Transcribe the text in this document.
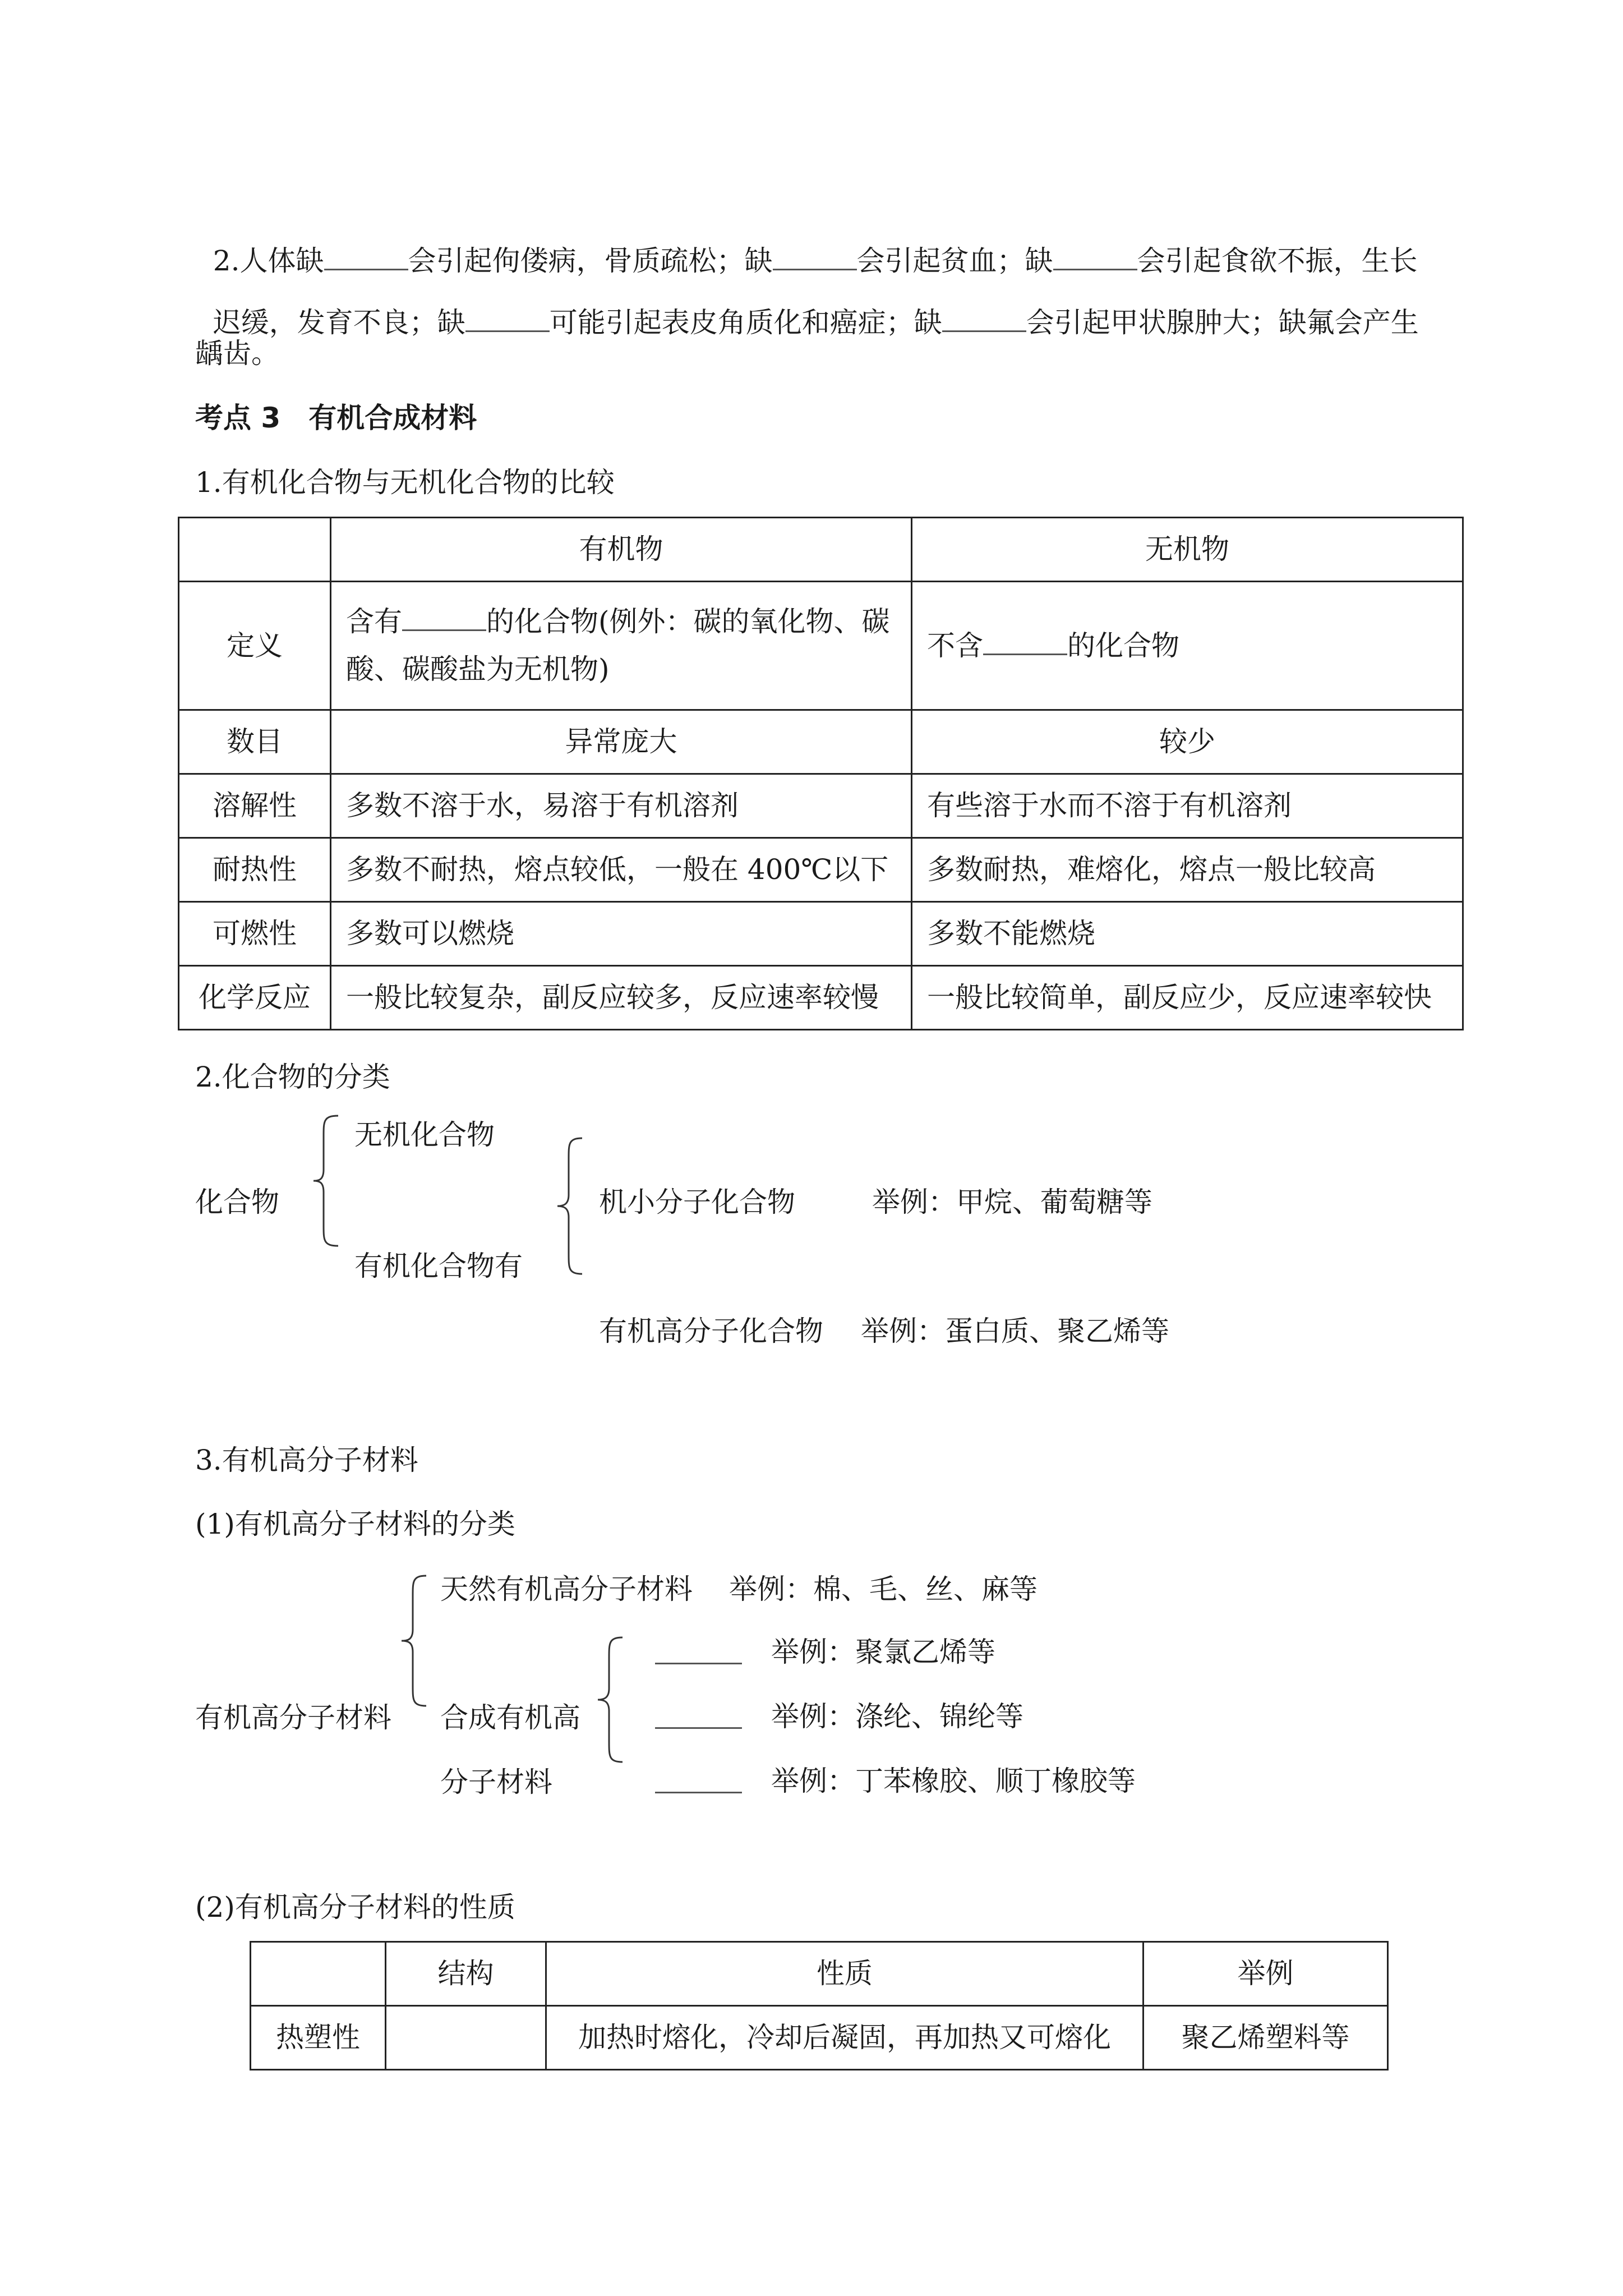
2.人体缺	会引起佝偻病，骨质疏松；缺	会引起贫血；缺	会引起食欲不振，生长

迟缓，发育不良；缺	可能引起表皮角质化和癌症；缺	会引起甲状腺肿大；缺氟会产生

龋齿。
考点 3　有机合成材料
1.有机化合物与无机化合物的比较
	有机物	无机物
定义	含有 的化合物(例外：碳的氧化物、碳
酸、碳酸盐为无机物)	不含 的化合物
数目	异常庞大	较少
溶解性	多数不溶于水，易溶于有机溶剂	有些溶于水而不溶于有机溶剂
耐热性	多数不耐热，熔点较低，一般在 400℃以下	多数耐热，难熔化，熔点一般比较高
可燃性	多数可以燃烧	多数不能燃烧
化学反应	一般比较复杂，副反应较多，反应速率较慢	一般比较简单，副反应少，反应速率较快
2.化合物的分类
化合物
无机化合物
有机化合物有
机小分子化合物	举例：甲烷、葡萄糖等
有机高分子化合物 举例：蛋白质、聚乙烯等
3.有机高分子材料
(1)有机高分子材料的分类
有机高分子材料
天然有机高分子材料 举例：棉、毛、丝、麻等
合成有机高
分子材料
举例：聚氯乙烯等
举例：涤纶、锦纶等
举例：丁苯橡胶、顺丁橡胶等
(2)有机高分子材料的性质
	结构	性质	举例
热塑性		加热时熔化，冷却后凝固，再加热又可熔化	聚乙烯塑料等
